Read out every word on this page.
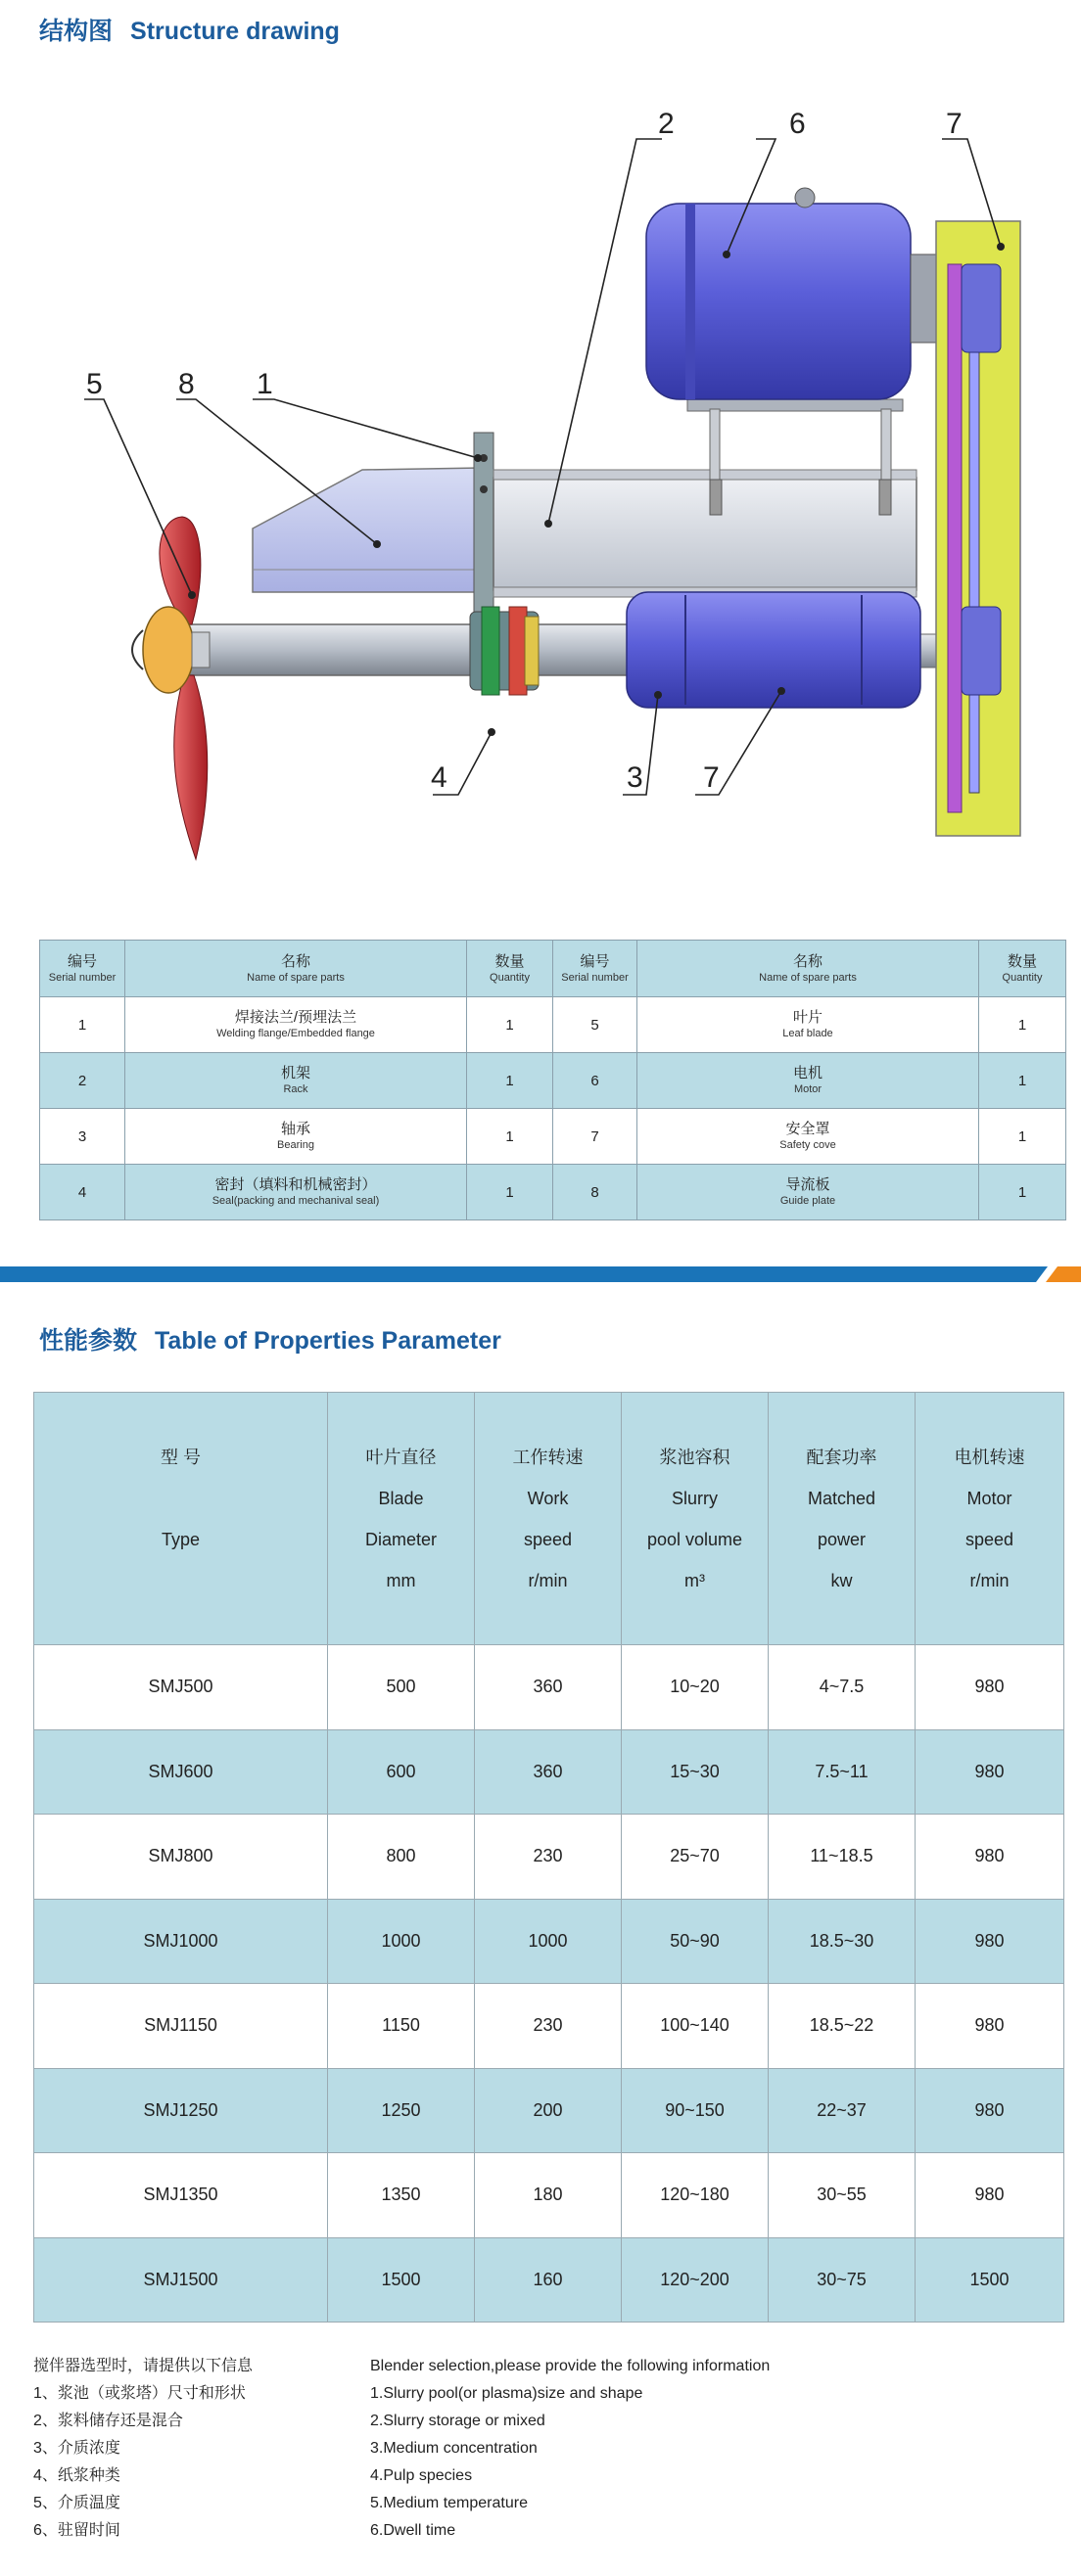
结构图 Structure drawing
2	6	7
5	8 1
4	3 7
编号
Serial number	名称
Name of spare parts	数量
Quantity	编号
Serial number	名称
Name of spare parts	数量
Quantity

1	焊接法兰/预埋法兰
Welding flange/Embedded flange	1	5	叶片
Leaf blade	1
2	机架
Rack	1	6	电机
Motor	1
3	轴承
Bearing	1	7	安全罩
Safety cove	1
4	密封（填料和机械密封）
Seal(packing and mechanival seal)	1	8	导流板
Guide plate	1
性能参数 Table of Properties Parameter
型 号

Type	叶片直径
Blade
Diameter
mm	工作转速
Work
speed
r/min	浆池容积
Slurry
pool volume
m³	配套功率
Matched
power
kw	电机转速
Motor
speed
r/min

SMJ500	500	360	10~20	4~7.5	980
SMJ600	600	360	15~30	7.5~11	980
SMJ800	800	230	25~70	11~18.5	980
SMJ1000	1000	1000	50~90	18.5~30	980
SMJ1150	1150	230	100~140	18.5~22	980
SMJ1250	1250	200	90~150	22~37	980
SMJ1350	1350	180	120~180	30~55	980
SMJ1500	1500	160	120~200	30~75	1500
搅伴器选型时，请提供以下信息
1、浆池（或浆塔）尺寸和形状
2、浆料储存还是混合
3、介质浓度
4、纸浆种类
5、介质温度
6、驻留时间
Blender selection,please provide the following information
1.Slurry pool(or plasma)size and shape
2.Slurry storage or mixed
3.Medium concentration
4.Pulp species
5.Medium temperature
6.Dwell time
